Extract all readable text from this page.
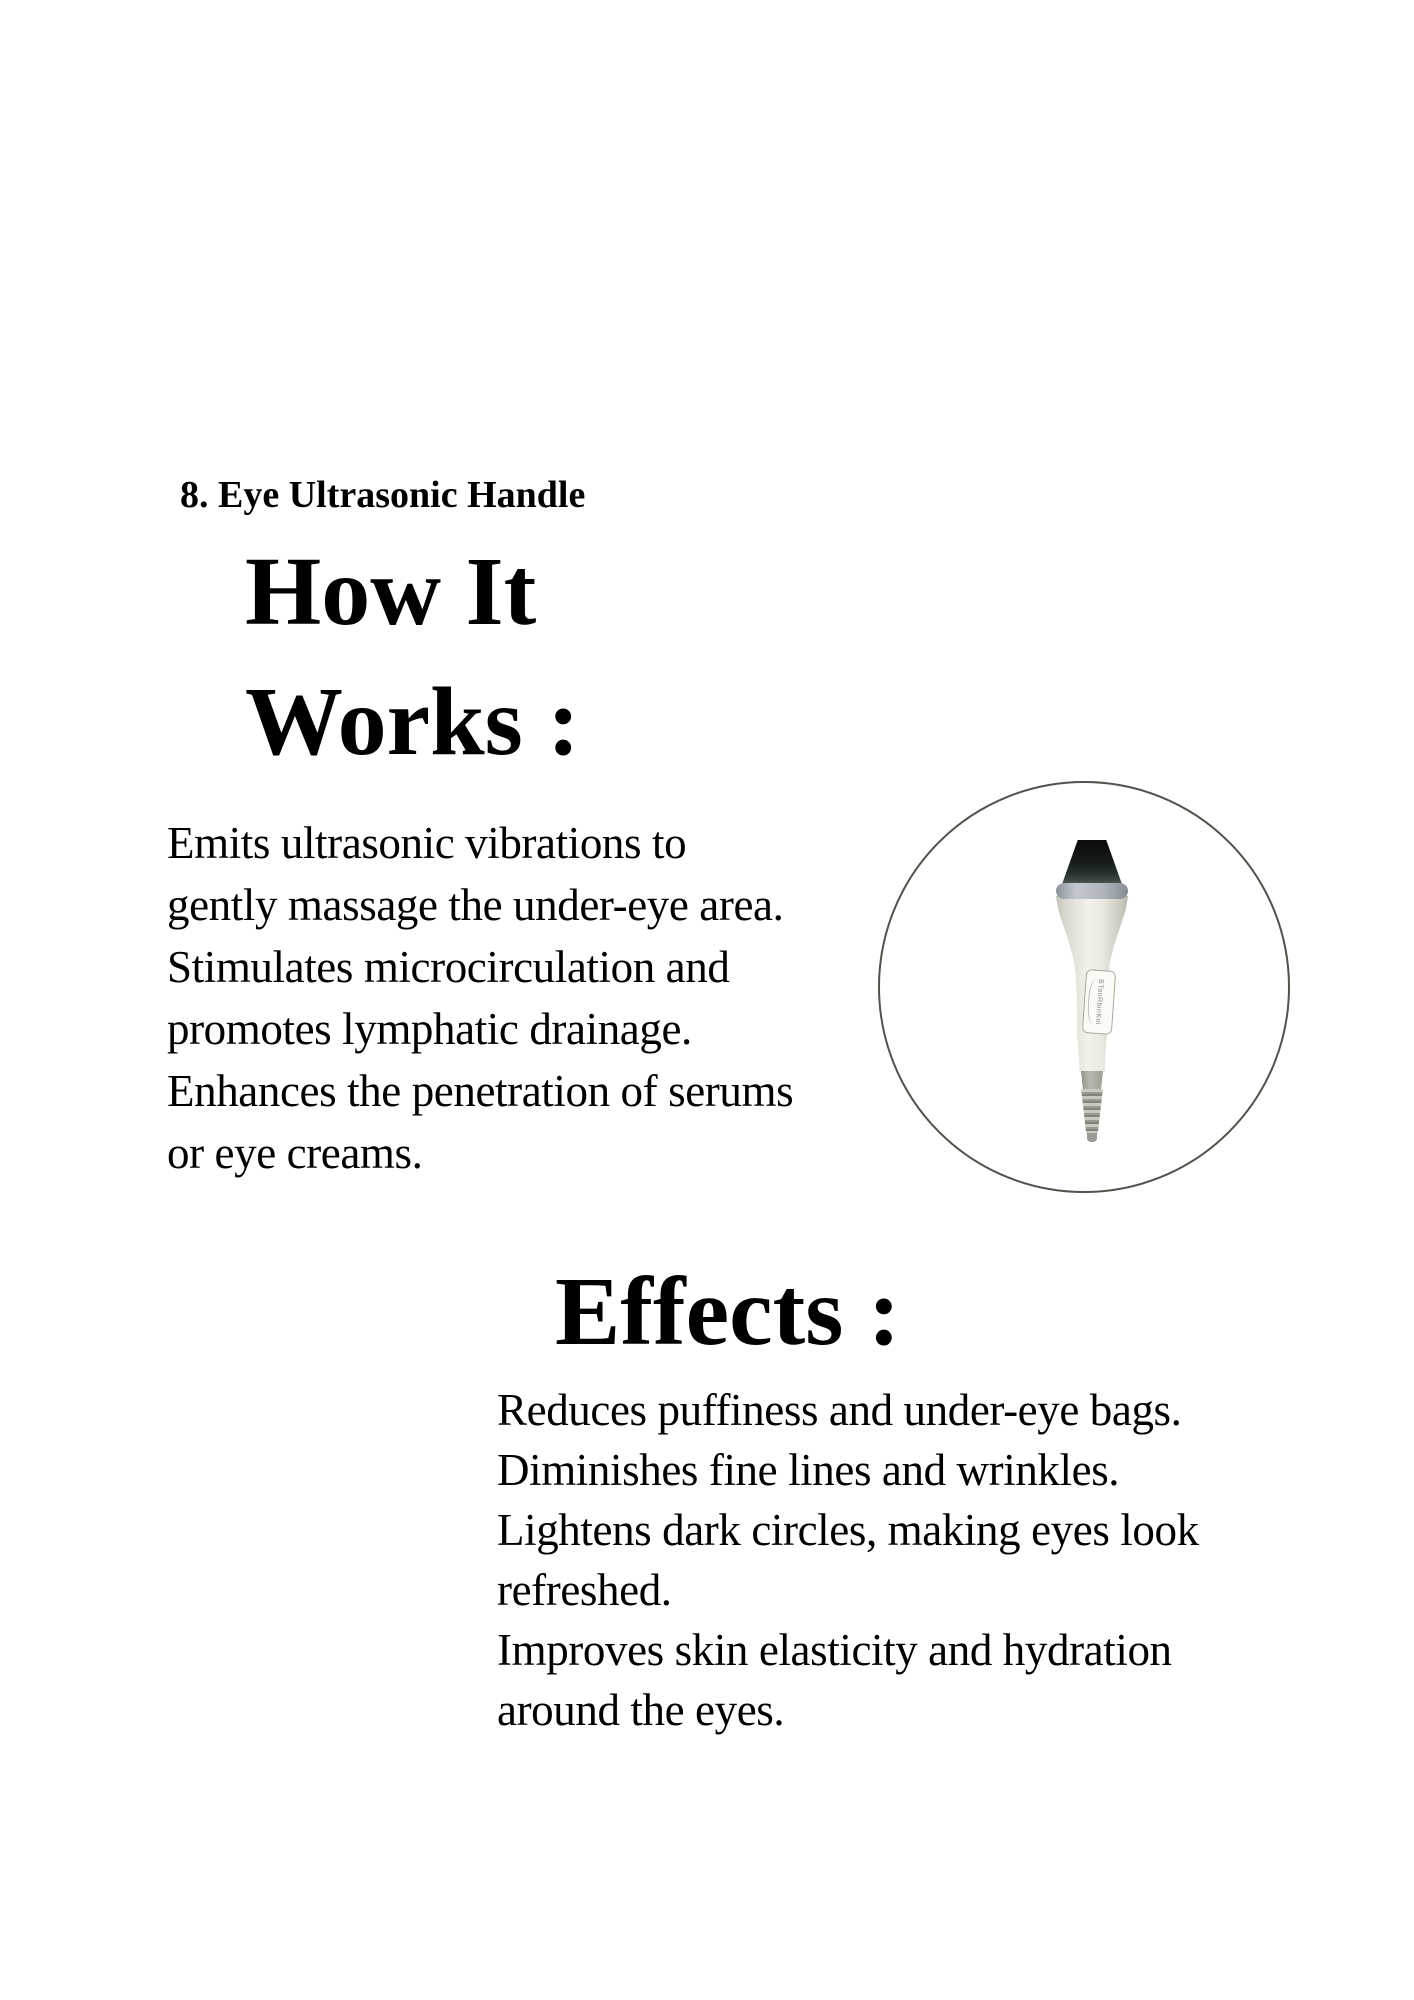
8. Eye Ultrasonic Handle
How It
Works :
Emits ultrasonic vibrations to
gently massage the under-eye area.
Stimulates microcirculation and
promotes lymphatic drainage.
Enhances the penetration of serums
or eye creams.
BTaoRbinKol
Effects :
Reduces puffiness and under-eye bags.
Diminishes fine lines and wrinkles.
Lightens dark circles, making eyes look
refreshed.
Improves skin elasticity and hydration
around the eyes.
